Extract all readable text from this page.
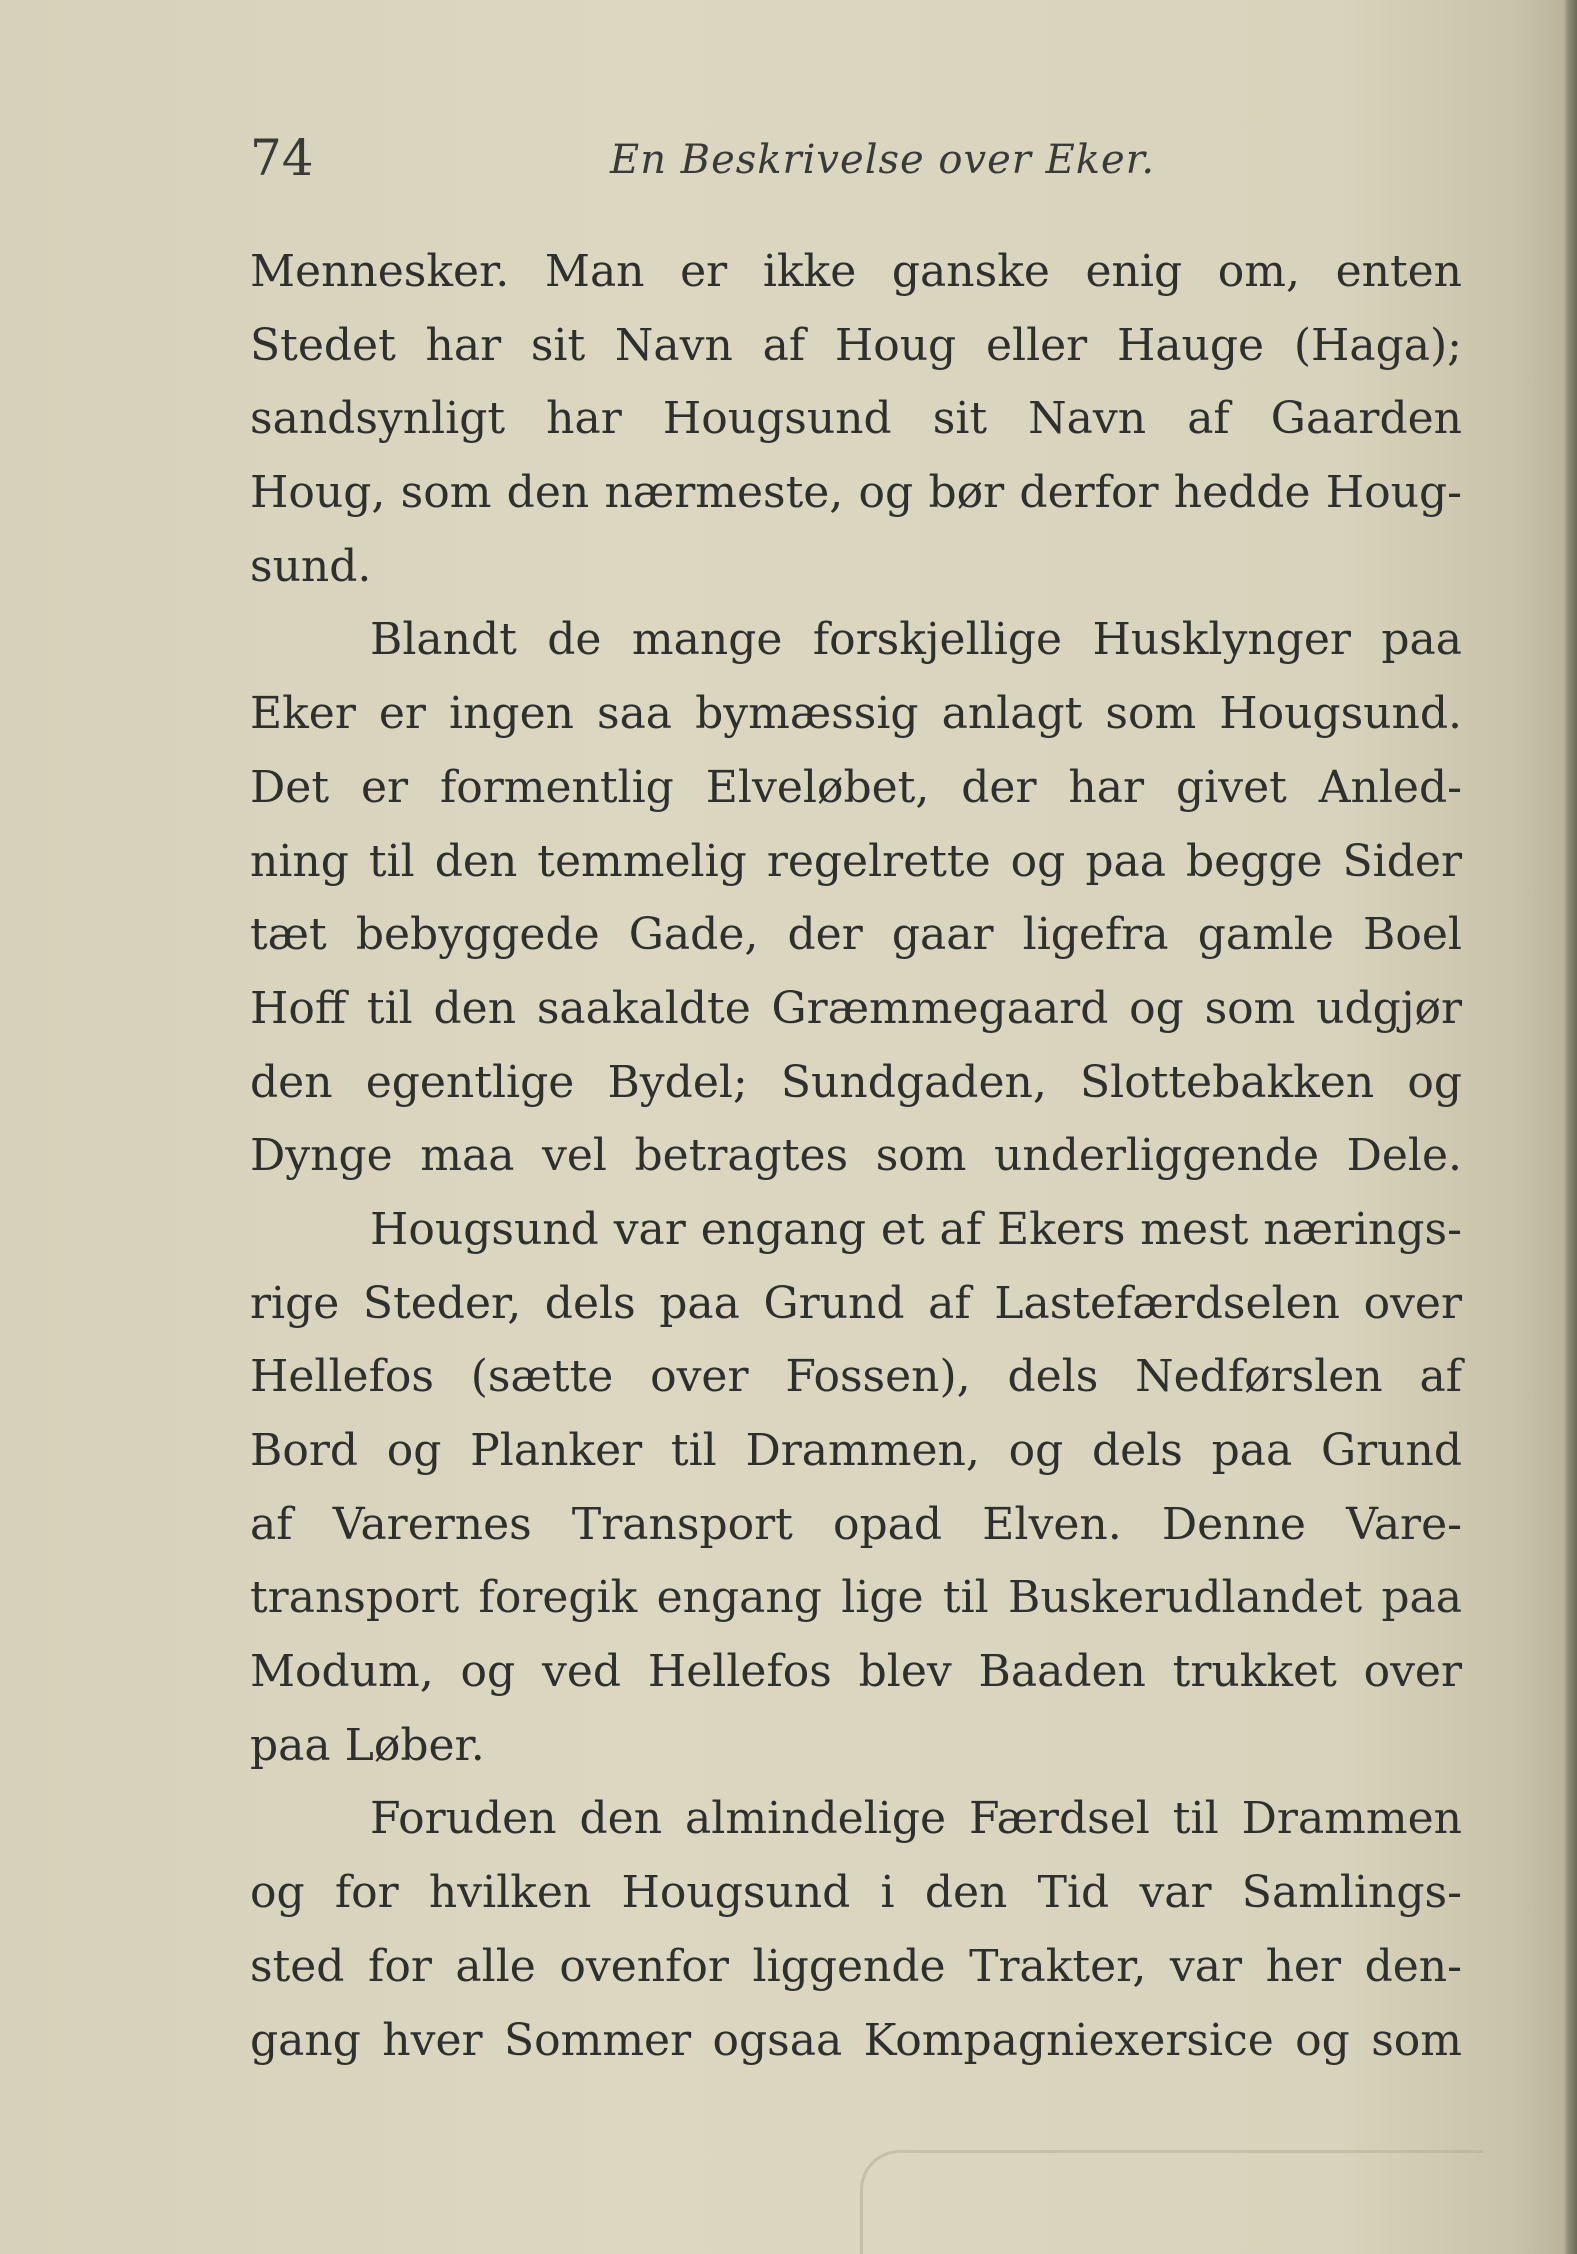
74	En Beskrivelse over Eker.
Mennesker. Man er ikke ganske enig om, enten
Stedet har sit Navn af Houg eller Hauge (Haga);
sandsynligt har Hougsund sit Navn af Gaarden
Houg, som den nærmeste, og bør derfor hedde Houg-
sund.
Blandt de mange forskjellige Husklynger paa
Eker er ingen saa bymæssig anlagt som Hougsund.
Det er formentlig Elveløbet, der har givet Anled-
ning til den temmelig regelrette og paa begge Sider
tæt bebyggede Gade, der gaar ligefra gamle Boel
Hoff til den saakaldte Græmmegaard og som udgjør
den egentlige Bydel; Sundgaden, Slottebakken og
Dynge maa vel betragtes som underliggende Dele.
Hougsund var engang et af Ekers mest nærings-
rige Steder, dels paa Grund af Lastefærdselen over
Hellefos (sætte over Fossen), dels Nedførslen af
Bord og Planker til Drammen, og dels paa Grund
af Varernes Transport opad Elven. Denne Vare-
transport foregik engang lige til Buskerudlandet paa
Modum, og ved Hellefos blev Baaden trukket over
paa Løber.
Foruden den almindelige Færdsel til Drammen
og for hvilken Hougsund i den Tid var Samlings-
sted for alle ovenfor liggende Trakter, var her den-
gang hver Sommer ogsaa Kompagniexersice og som
